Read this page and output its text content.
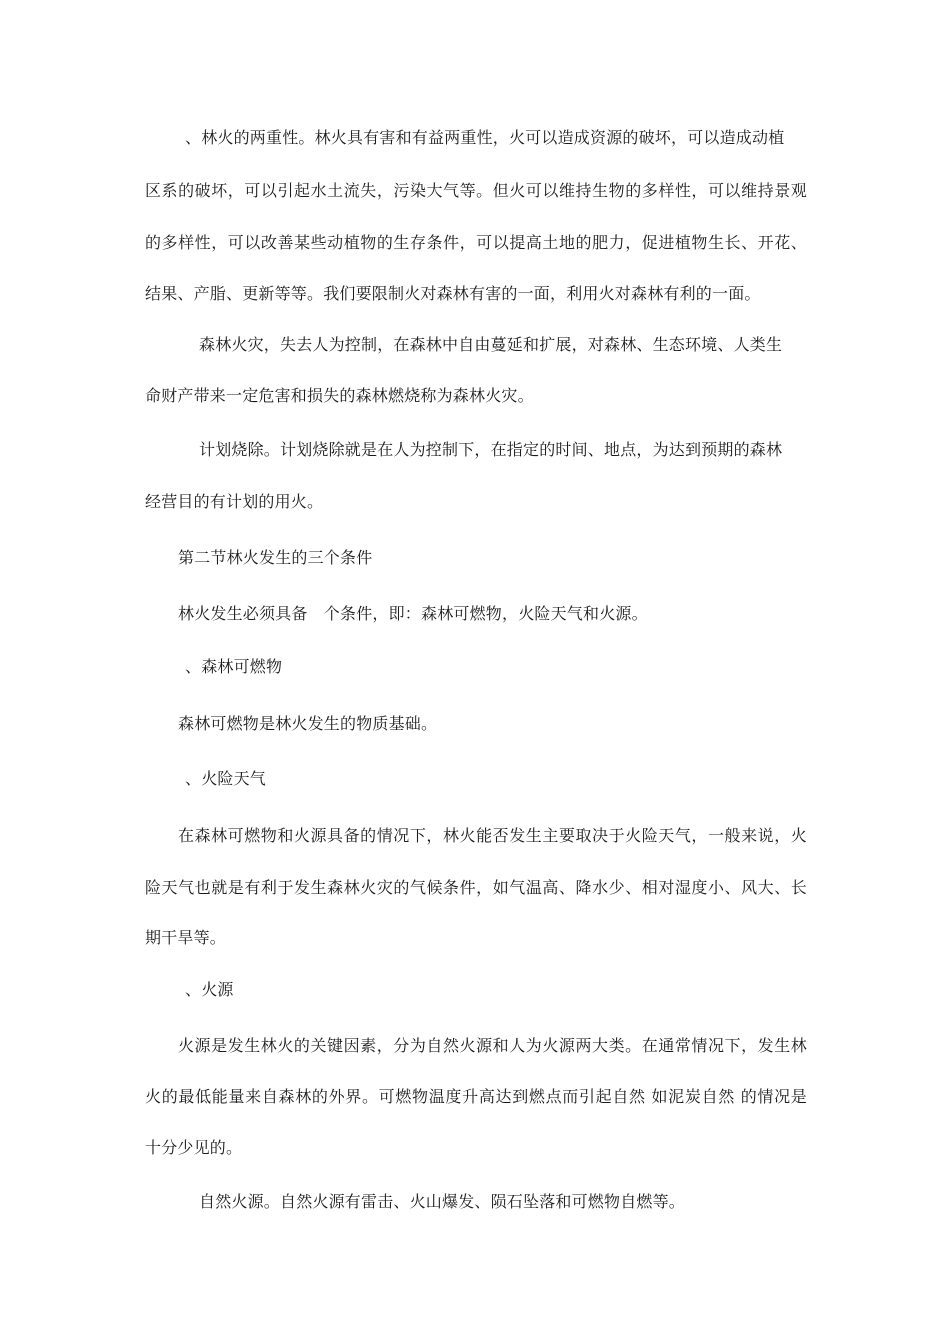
、林火的两重性。林火具有害和有益两重性，火可以造成资源的破坏，可以造成动植
区系的破坏，可以引起水土流失，污染大气等。但火可以维持生物的多样性，可以维持景观
的多样性，可以改善某些动植物的生存条件，可以提高土地的肥力，促进植物生长、开花、
结果、产脂、更新等等。我们要限制火对森林有害的一面，利用火对森林有利的一面。
森林火灾，失去人为控制，在森林中自由蔓延和扩展，对森林、生态环境、人类生
命财产带来一定危害和损失的森林燃烧称为森林火灾。
计划烧除。计划烧除就是在人为控制下，在指定的时间、地点，为达到预期的森林
经营目的有计划的用火。
第二节林火发生的三个条件
林火发生必须具备　个条件，即：森林可燃物，火险天气和火源。
、森林可燃物
森林可燃物是林火发生的物质基础。
、火险天气
在森林可燃物和火源具备的情况下，林火能否发生主要取决于火险天气，一般来说，火
险天气也就是有利于发生森林火灾的气候条件，如气温高、降水少、相对湿度小、风大、长
期干旱等。
、火源
火源是发生林火的关键因素，分为自然火源和人为火源两大类。在通常情况下，发生林
火的最低能量来自森林的外界。可燃物温度升高达到燃点而引起自然 如泥炭自然 的情况是
十分少见的。
自然火源。自然火源有雷击、火山爆发、陨石坠落和可燃物自燃等。
